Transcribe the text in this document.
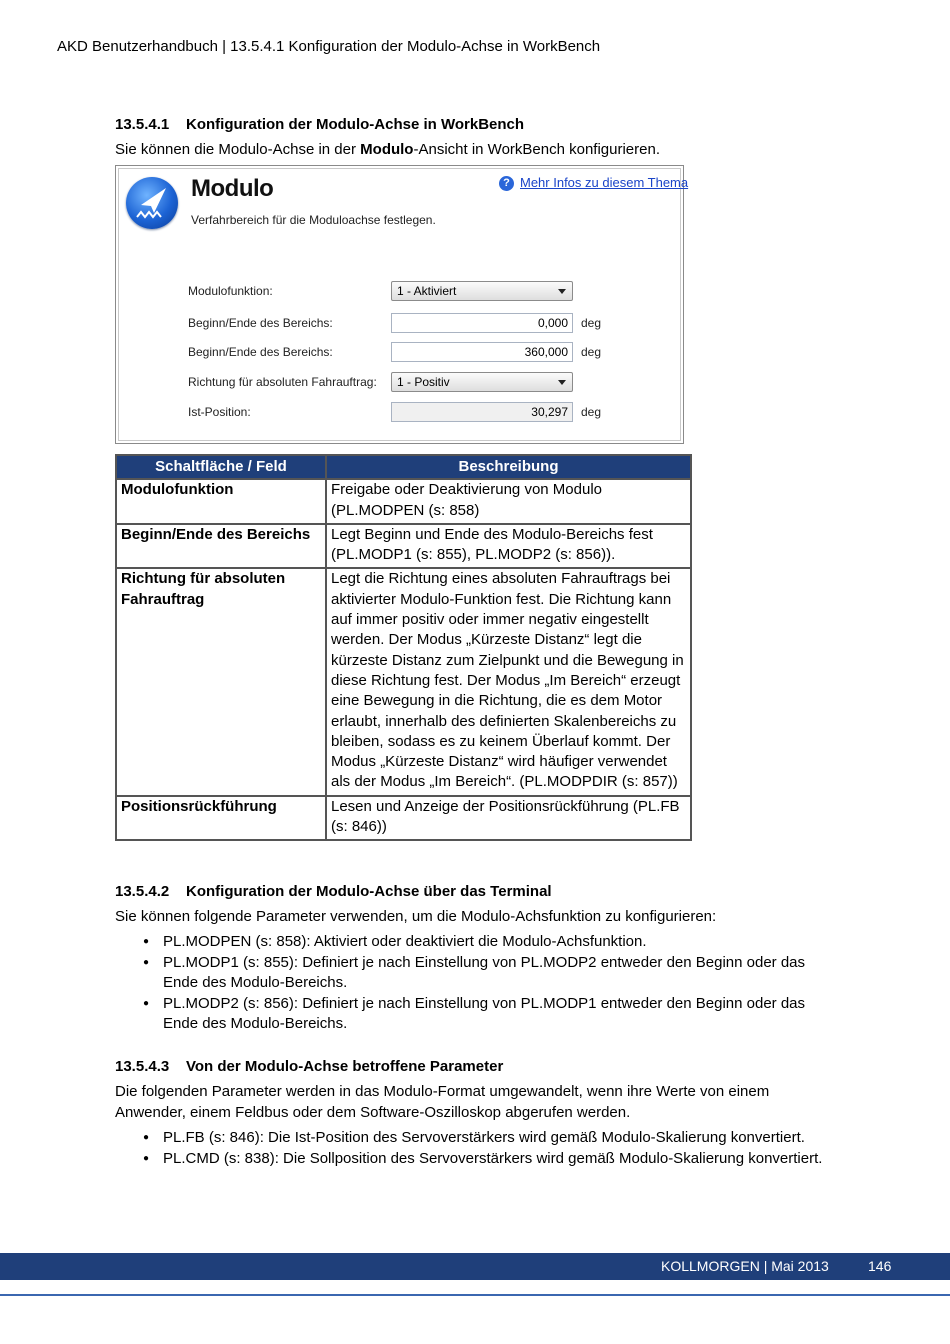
AKD Benutzerhandbuch | 13.5.4.1 Konfiguration der Modulo-Achse in WorkBench
13.5.4.1 Konfiguration der Modulo-Achse in WorkBench

Sie können die Modulo-Achse in der Modulo-Ansicht in WorkBench konfigurieren.

Modulo
Verfahrbereich für die Moduloachse festlegen.
? Mehr Infos zu diesem Thema
Modulofunktion:	1 - Aktiviert
Beginn/Ende des Bereichs:	0,000	deg
Beginn/Ende des Bereichs:	360,000	deg
Richtung für absoluten Fahrauftrag:	1 - Positiv
Ist-Position:	30,297	deg
Schaltfläche / Feld	Beschreibung
Modulofunktion	Freigabe oder Deaktivierung von Modulo (PL.MODPEN (s: 858)
Beginn/Ende des Bereichs	Legt Beginn und Ende des Modulo-Bereichs fest (PL.MODP1 (s: 855), PL.MODP2 (s: 856)).
Richtung für absoluten Fahrauftrag	Legt die Richtung eines absoluten Fahrauftrags bei aktivierter Modulo-Funktion fest. Die Richtung kann auf immer positiv oder immer negativ eingestellt werden. Der Modus „Kürzeste Distanz“ legt die kürzeste Distanz zum Zielpunkt und die Bewegung in diese Richtung fest. Der Modus „Im Bereich“ erzeugt eine Bewegung in die Richtung, die es dem Motor erlaubt, innerhalb des definierten Skalenbereichs zu bleiben, sodass es zu keinem Überlauf kommt. Der Modus „Kürzeste Distanz“ wird häufiger verwendet als der Modus „Im Bereich“. (PL.MODPDIR (s: 857))
Positionsrückführung	Lesen und Anzeige der Positionsrückführung (PL.FB (s: 846))
13.5.4.2 Konfiguration der Modulo-Achse über das Terminal

Sie können folgende Parameter verwenden, um die Modulo-Achsfunktion zu konfigurieren:

● PL.MODPEN (s: 858): Aktiviert oder deaktiviert die Modulo-Achsfunktion.
● PL.MODP1 (s: 855): Definiert je nach Einstellung von PL.MODP2 entweder den Beginn oder das Ende des Modulo-Bereichs.
● PL.MODP2 (s: 856): Definiert je nach Einstellung von PL.MODP1 entweder den Beginn oder das Ende des Modulo-Bereichs.
13.5.4.3 Von der Modulo-Achse betroffene Parameter

Die folgenden Parameter werden in das Modulo-Format umgewandelt, wenn ihre Werte von einem Anwender, einem Feldbus oder dem Software-Oszilloskop abgerufen werden.

● PL.FB (s: 846): Die Ist-Position des Servoverstärkers wird gemäß Modulo-Skalierung konvertiert.
● PL.CMD (s: 838): Die Sollposition des Servoverstärkers wird gemäß Modulo-Skalierung konvertiert.
KOLLMORGEN | Mai 2013	146
